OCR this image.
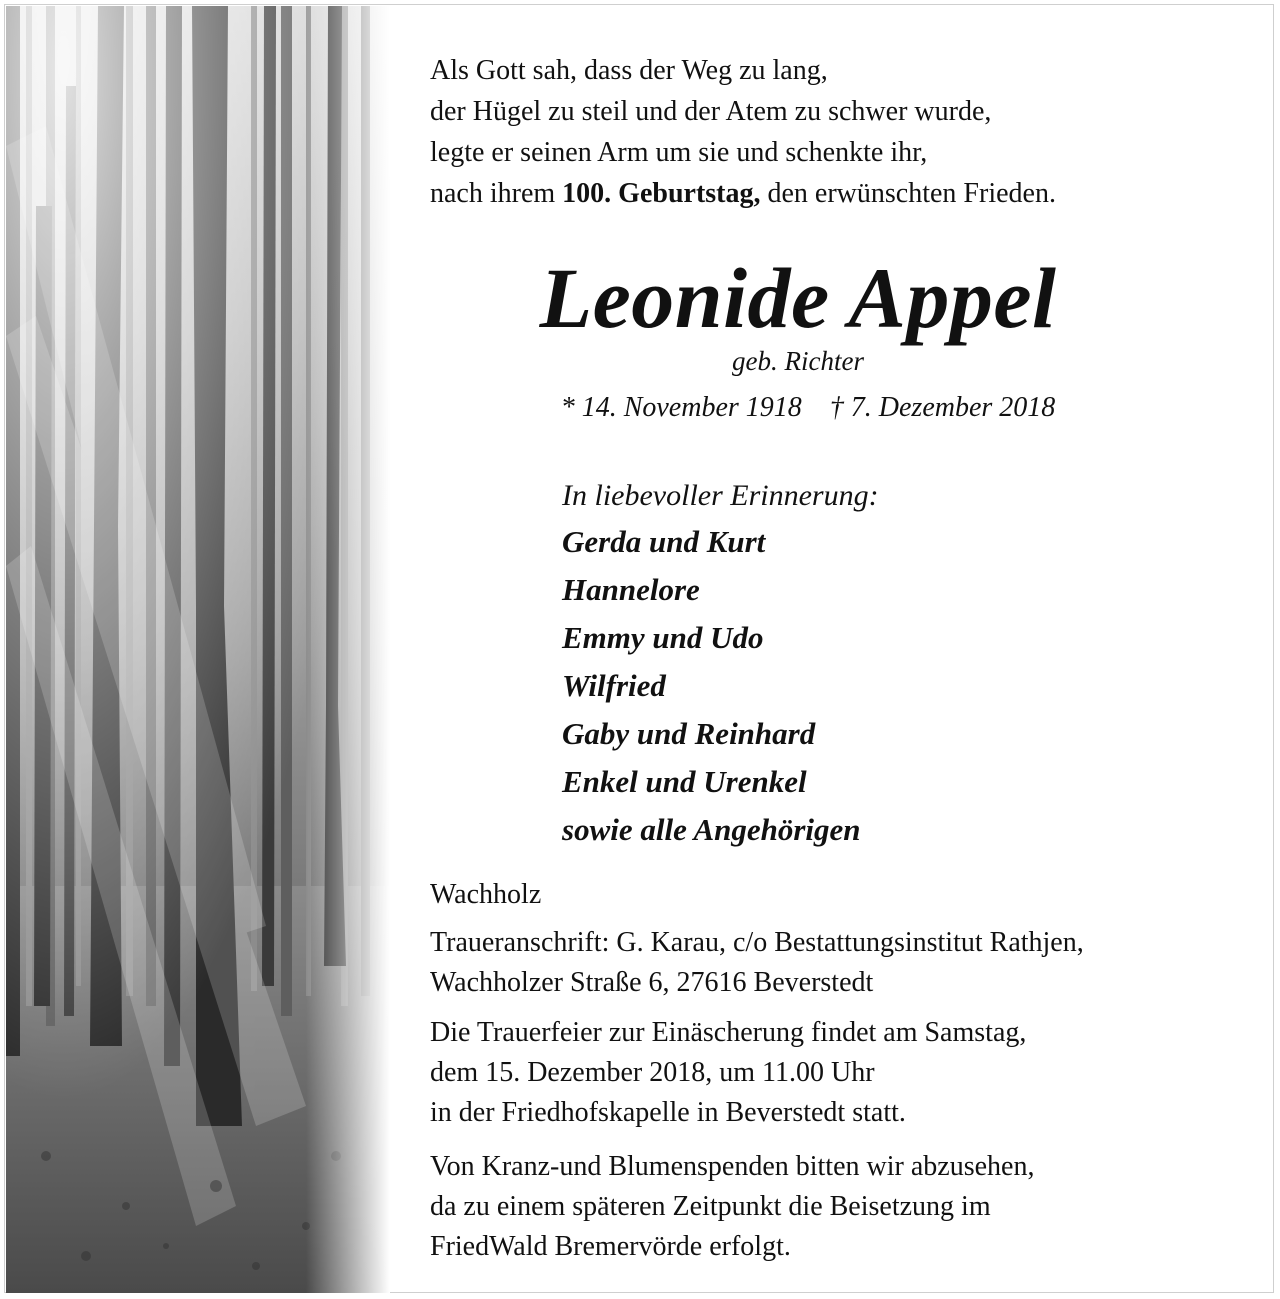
Als Gott sah, dass der Weg zu lang,
der Hügel zu steil und der Atem zu schwer wurde,
legte er seinen Arm um sie und schenkte ihr,
nach ihrem 100. Geburtstag, den erwünschten Frieden.
Leonide Appel
geb. Richter
* 14. November 1918    † 7. Dezember 2018
In liebevoller Erinnerung:
Gerda und Kurt
Hannelore
Emmy und Udo
Wilfried
Gaby und Reinhard
Enkel und Urenkel
sowie alle Angehörigen
Wachholz
Traueranschrift: G. Karau, c/o Bestattungsinstitut Rathjen,
Wachholzer Straße 6, 27616 Beverstedt
Die Trauerfeier zur Einäscherung findet am Samstag,
dem 15. Dezember 2018, um 11.00 Uhr
in der Friedhofskapelle in Beverstedt statt.
Von Kranz-und Blumenspenden bitten wir abzusehen,
da zu einem späteren Zeitpunkt die Beisetzung im
FriedWald Bremervörde erfolgt.
